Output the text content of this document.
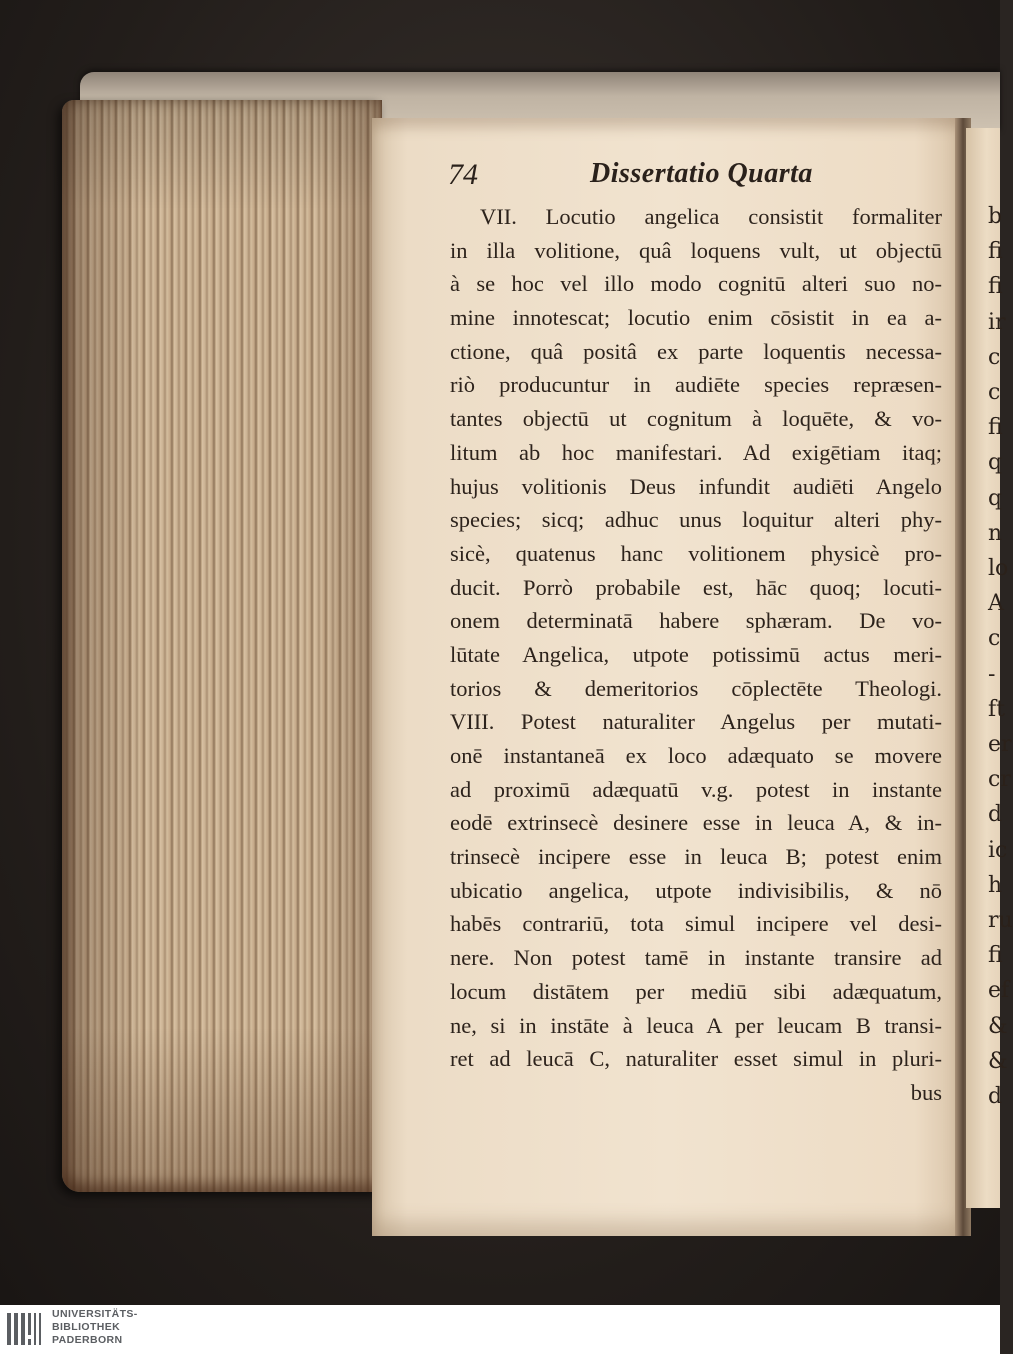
74	Dissertatio Quarta
VII. Locutio angelica consistit formaliter
in illa volitione, quâ loquens vult, ut objectū
à se hoc vel illo modo cognitū alteri suo no-
mine innotescat; locutio enim cōsistit in ea a-
ctione, quâ positâ ex parte loquentis necessa-
riò producuntur in audiēte species repræsen-
tantes objectū ut cognitum à loquēte, & vo-
litum ab hoc manifestari. Ad exigētiam itaq;
hujus volitionis Deus infundit audiēti Angelo
species; sicq; adhuc unus loquitur alteri phy-
sicè, quatenus hanc volitionem physicè pro-
ducit. Porrò probabile est, hāc quoq; locuti-
onem determinatā habere sphæram. De vo-
lūtate Angelica, utpote potissimū actus meri-
torios & demeritorios cōplectēte Theologi.
VIII. Potest naturaliter Angelus per mutati-
onē instantaneā ex loco adæquato se movere
ad proximū adæquatū v.g. potest in instante
eodē extrinsecè desinere esse in leuca A, & in-
trinsecè incipere esse in leuca B; potest enim
ubicatio angelica, utpote indivisibilis, & nō
habēs contrariū, tota simul incipere vel desi-
nere. Non potest tamē in instante transire ad
locum distātem per mediū sibi adæquatum,
ne, si in instāte à leuca A per leucam B transi-
ret ad leucā C, naturaliter esset simul in pluri-
bus
b
fi
fi
ir
c
c
fi
q
q
n
lo
A
c
-
ft
er
cr
d
ic
h
ru
fi
ef
&
&
d
UNIVERSITÄTS-
BIBLIOTHEK
PADERBORN
